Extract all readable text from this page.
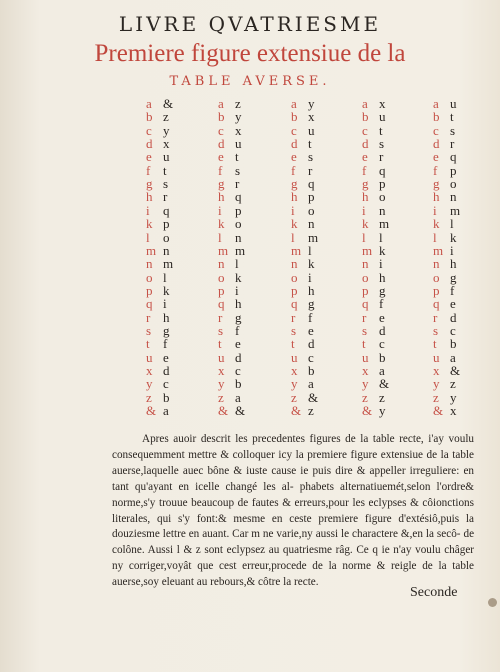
LIVRE QVATRIESME
Premiere figure extensiue de la
TABLE AVERSE.
a &
b z
c y
d x
e u
f t
g s
h r
i q
k p
l o
m n
n m
o l
p k
q i
r h
s g
t f
u e
x d
y c
z b
& a
a z
b y
c x
d u
e t
f s
g r
h q
i p
k o
l n
m m
n l
o k
p i
q h
r g
s f
t e
u d
x c
y b
z a
& &
a y
b x
c u
d t
e s
f r
g q
h p
i o
k n
l m
m l
n k
o i
p h
q g
r f
s e
t d
u c
x b
y a
z &
& z
a x
b u
c t
d s
e r
f q
g p
h o
i n
k m
l l
m k
n i
o h
p g
q f
r e
s d
t c
u b
x a
y &
z z
& y
a u
b t
c s
d r
e q
f p
g o
h n
i m
k l
l k
m i
n h
o g
p f
q e
r d
s c
t b
u a
x &
y z
z y
& x

Apres auoir descrit les precedentes figures de la table recte, i'ay voulu consequemment mettre & colloquer icy la premiere figure extensiue de la table auerse,laquelle auec bône & iuste cause ie puis dire & appeller irreguliere: en tant qu'ayant en icelle changé les al- phabets alternatiuemét,selon l'ordre& norme,s'y trouue beaucoup de fautes & erreurs,pour les eclypses & côionctions literales, qui s'y font:& mesme en ceste premiere figure d'extésiô,puis la douziesme lettre en auant. Car m ne varie,ny aussi le charactere &,en la secô- de colône. Aussi l & z sont eclypsez au quatriesme râg. Ce q ie n'ay voulu châger ny corriger,voyât que cest erreur,procede de la norme & reigle de la table auerse,soy eleuant au rebours,& côtre la recte.

Seconde
